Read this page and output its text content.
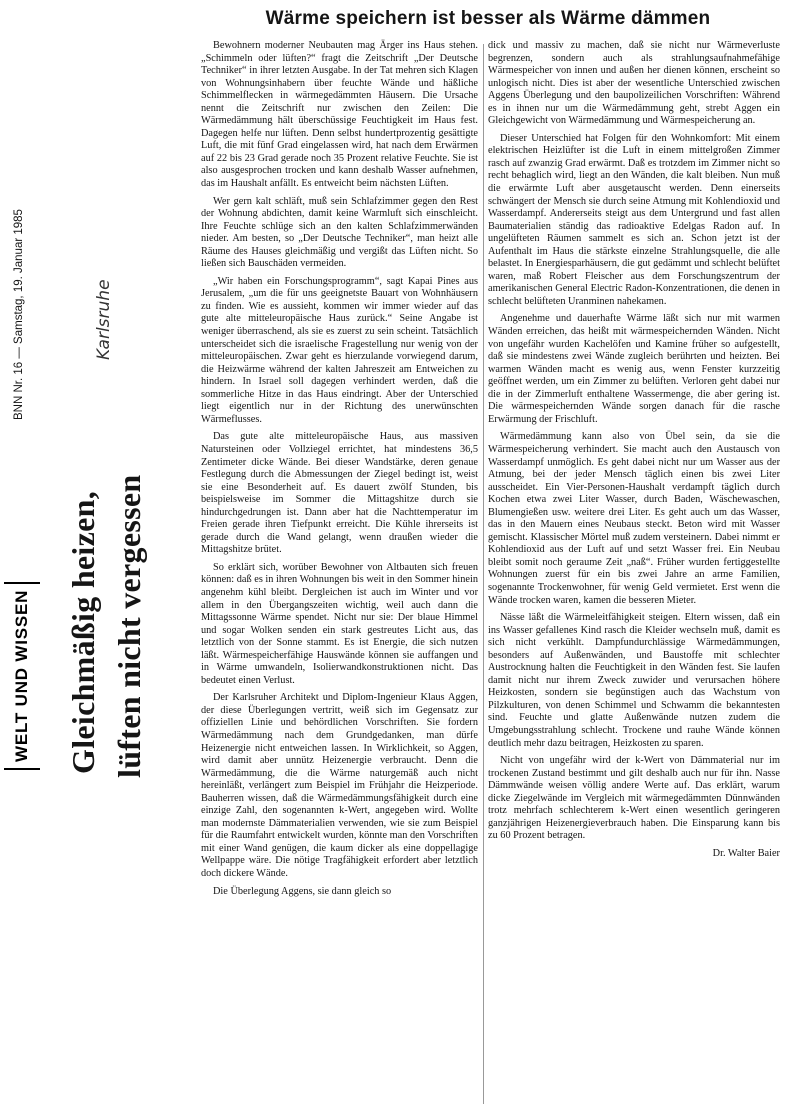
Wärme speichern ist besser als Wärme dämmen
WELT UND WISSEN Gleichmäßig heizen, lüften nicht vergessen
BNN Nr. 16 — Samstag, 19. Januar 1985	Karlsruhe

Bewohnern moderner Neubauten mag Ärger ins Haus stehen. „Schimmeln oder lüften?“ fragt die Zeitschrift „Der Deutsche Techniker“ in ihrer letzten Ausgabe. In der Tat mehren sich Klagen von Wohnungsinhabern über feuchte Wände und häßliche Schimmelflecken in wärmegedämmten Häusern. Die Ursache nennt die Zeitschrift nur zwischen den Zeilen: Die Wärmedämmung hält überschüssige Feuchtigkeit im Haus fest. Dagegen helfe nur lüften. Denn selbst hundertprozentig gesättigte Luft, die mit fünf Grad eingelassen wird, hat nach dem Erwärmen auf 22 bis 23 Grad gerade noch 35 Prozent relative Feuchte. Sie ist also ausgesprochen trocken und kann deshalb Wasser aufnehmen, das im Haushalt anfällt. Es entweicht beim nächsten Lüften.

Wer gern kalt schläft, muß sein Schlafzimmer gegen den Rest der Wohnung abdichten, damit keine Warmluft sich einschleicht. Ihre Feuchte schlüge sich an den kalten Schlafzimmerwänden nieder. Am besten, so „Der Deutsche Techniker“, man heizt alle Räume des Hauses gleichmäßig und vergißt das Lüften nicht. So ließen sich Bauschäden vermeiden.

„Wir haben ein Forschungsprogramm“, sagt Kapai Pines aus Jerusalem, „um die für uns geeignetste Bauart von Wohnhäusern zu finden. Wie es aussieht, kommen wir immer wieder auf das gute alte mitteleuropäische Haus zurück.“ Seine Angabe ist weniger überraschend, als sie es zuerst zu sein scheint. Tatsächlich unterscheidet sich die israelische Fragestellung nur wenig von der mitteleuropäischen. Zwar geht es hierzulande vorwiegend darum, die Heizwärme während der kalten Jahreszeit am Entweichen zu hindern. In Israel soll dagegen verhindert werden, daß die sommerliche Hitze in das Haus eindringt. Aber der Unterschied liegt eigentlich nur in der Richtung des unerwünschten Wärmeflusses.

Das gute alte mitteleuropäische Haus, aus massiven Natursteinen oder Vollziegel errichtet, hat mindestens 36,5 Zentimeter dicke Wände. Bei dieser Wandstärke, deren genaue Festlegung durch die Abmessungen der Ziegel bedingt ist, weist sie eine Besonderheit auf. Es dauert zwölf Stunden, bis beispielsweise im Sommer die Mittagshitze durch sie hindurchgedrungen ist. Dann aber hat die Nachttemperatur im Freien gerade ihren Tiefpunkt erreicht. Die Kühle ihrerseits ist gerade durch die Wand gelangt, wenn draußen wieder die Mittagshitze brütet.

So erklärt sich, worüber Bewohner von Altbauten sich freuen können: daß es in ihren Wohnungen bis weit in den Sommer hinein angenehm kühl bleibt. Dergleichen ist auch im Winter und vor allem in den Übergangszeiten wichtig, weil auch dann die Mittagssonne Wärme spendet. Nicht nur sie: Der blaue Himmel und sogar Wolken senden ein stark gestreutes Licht aus, das letztlich von der Sonne stammt. Es ist Energie, die sich nutzen läßt. Wärmespeicherfähige Hauswände können sie auffangen und in Wärme umwandeln, Isolierwandkonstruktionen nicht. Das bedeutet einen Verlust.

Der Karlsruher Architekt und Diplom-Ingenieur Klaus Aggen, der diese Überlegungen vertritt, weiß sich im Gegensatz zur offiziellen Linie und behördlichen Vorschriften. Sie fordern Wärmedämmung nach dem Grundgedanken, man dürfe Heizenergie nicht entweichen lassen. In Wirklichkeit, so Aggen, wird damit aber unnütz Heizenergie verbraucht. Denn die Wärmedämmung, die die Wärme naturgemäß auch nicht hereinläßt, verlängert zum Beispiel im Frühjahr die Heizperiode. Bauherren wissen, daß die Wärmedämmungsfähigkeit durch eine einzige Zahl, den sogenannten k-Wert, angegeben wird. Wollte man modernste Dämmaterialien verwenden, wie sie zum Beispiel für die Raumfahrt entwickelt wurden, könnte man den Vorschriften mit einer Wand genügen, die kaum dicker als eine doppellagige Wellpappe wäre. Die nötige Tragfähigkeit erfordert aber letztlich doch dickere Wände.

Die Überlegung Aggens, sie dann gleich so

dick und massiv zu machen, daß sie nicht nur Wärmeverluste begrenzen, sondern auch als strahlungsaufnahmefähige Wärmespeicher von innen und außen her dienen können, erscheint so unlogisch nicht. Dies ist aber der wesentliche Unterschied zwischen Aggens Überlegung und den baupolizeilichen Vorschriften: Während es in ihnen nur um die Wärmedämmung geht, strebt Aggen ein Gleichgewicht von Wärmedämmung und Wärmespeicherung an.

Dieser Unterschied hat Folgen für den Wohnkomfort: Mit einem elektrischen Heizlüfter ist die Luft in einem mittelgroßen Zimmer rasch auf zwanzig Grad erwärmt. Daß es trotzdem im Zimmer nicht so recht behaglich wird, liegt an den Wänden, die kalt bleiben. Nun muß die erwärmte Luft aber ausgetauscht werden. Denn einerseits schwängert der Mensch sie durch seine Atmung mit Kohlendioxid und Wasserdampf. Andererseits steigt aus dem Untergrund und fast allen Baumaterialien ständig das radioaktive Edelgas Radon auf. In ungelüfteten Räumen sammelt es sich an. Schon jetzt ist der Aufenthalt im Haus die stärkste einzelne Strahlungsquelle, die alle belastet. In Energiesparhäusern, die gut gedämmt und schlecht belüftet waren, maß Robert Fleischer aus dem Forschungszentrum der amerikanischen General Electric Radon-Konzentrationen, die denen in schlecht belüfteten Uranminen nahekamen.

Angenehme und dauerhafte Wärme läßt sich nur mit warmen Wänden erreichen, das heißt mit wärmespeichernden Wänden. Nicht von ungefähr wurden Kachelöfen und Kamine früher so aufgestellt, daß sie mindestens zwei Wände zugleich berührten und heizten. Bei warmen Wänden macht es wenig aus, wenn Fenster kurzzeitig geöffnet werden, um ein Zimmer zu belüften. Verloren geht dabei nur die in der Zimmerluft enthaltene Wassermenge, die aber gering ist. Die wärmespeichernden Wände sorgen danach für die rasche Erwärmung der Frischluft.

Wärmedämmung kann also von Übel sein, da sie die Wärmespeicherung verhindert. Sie macht auch den Austausch von Wasserdampf unmöglich. Es geht dabei nicht nur um Wasser aus der Atmung, bei der jeder Mensch täglich einen bis zwei Liter ausscheidet. Ein Vier-Personen-Haushalt verdampft täglich durch Kochen etwa zwei Liter Wasser, durch Baden, Wäschewaschen, Blumengießen usw. weitere drei Liter. Es geht auch um das Wasser, das in den Mauern eines Neubaus steckt. Beton wird mit Wasser gemischt. Klassischer Mörtel muß zudem versteinern. Dabei nimmt er Kohlendioxid aus der Luft auf und setzt Wasser frei. Ein Neubau bleibt somit noch geraume Zeit „naß“. Früher wurden fertiggestellte Wohnungen zuerst für ein bis zwei Jahre an arme Familien, sogenannte Trockenwohner, für wenig Geld vermietet. Erst wenn die Wände trocken waren, kamen die besseren Mieter.

Nässe läßt die Wärmeleitfähigkeit steigen. Eltern wissen, daß ein ins Wasser gefallenes Kind rasch die Kleider wechseln muß, damit es sich nicht verkühlt. Dampfundurchlässige Wärmedämmungen, besonders auf Außenwänden, und Baustoffe mit schlechter Austrocknung halten die Feuchtigkeit in den Wänden fest. Sie laufen damit nicht nur ihrem Zweck zuwider und verursachen höhere Heizkosten, sondern sie begünstigen auch das Wachstum von Pilzkulturen, von denen Schimmel und Schwamm die bekanntesten sind. Feuchte und glatte Außenwände nutzen zudem die Umgebungsstrahlung schlecht. Trockene und rauhe Wände können deutlich mehr dazu beitragen, Heizkosten zu sparen.

Nicht von ungefähr wird der k-Wert von Dämmaterial nur im trockenen Zustand bestimmt und gilt deshalb auch nur für ihn. Nasse Dämmwände weisen völlig andere Werte auf. Das erklärt, warum dicke Ziegelwände im Vergleich mit wärmegedämmten Dünnwänden trotz mehrfach schlechterem k-Wert einen wesentlich geringeren ganzjährigen Heizenergieverbrauch haben. Die Einsparung kann bis zu 60 Prozent betragen.

Dr. Walter Baier
